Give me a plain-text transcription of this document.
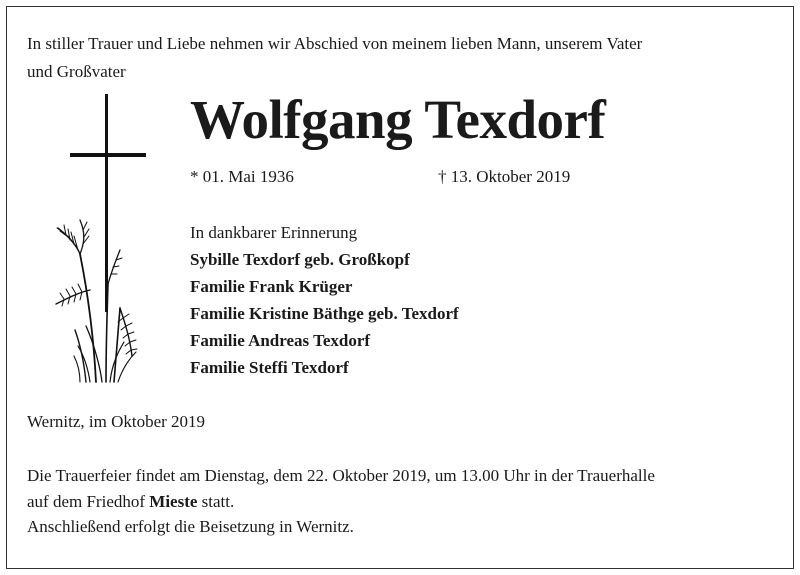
In stiller Trauer und Liebe nehmen wir Abschied von meinem lieben Mann, unserem Vater
und Großvater
Wolfgang Texdorf
* 01. Mai 1936	† 13. Oktober 2019
In dankbarer Erinnerung
Sybille Texdorf geb. Großkopf
Familie Frank Krüger
Familie Kristine Bäthge geb. Texdorf
Familie Andreas Texdorf
Familie Steffi Texdorf
Wernitz, im Oktober 2019
Die Trauerfeier findet am Dienstag, dem 22. Oktober 2019, um 13.00 Uhr in der Trauerhalle
auf dem Friedhof Mieste statt.
Anschließend erfolgt die Beisetzung in Wernitz.
